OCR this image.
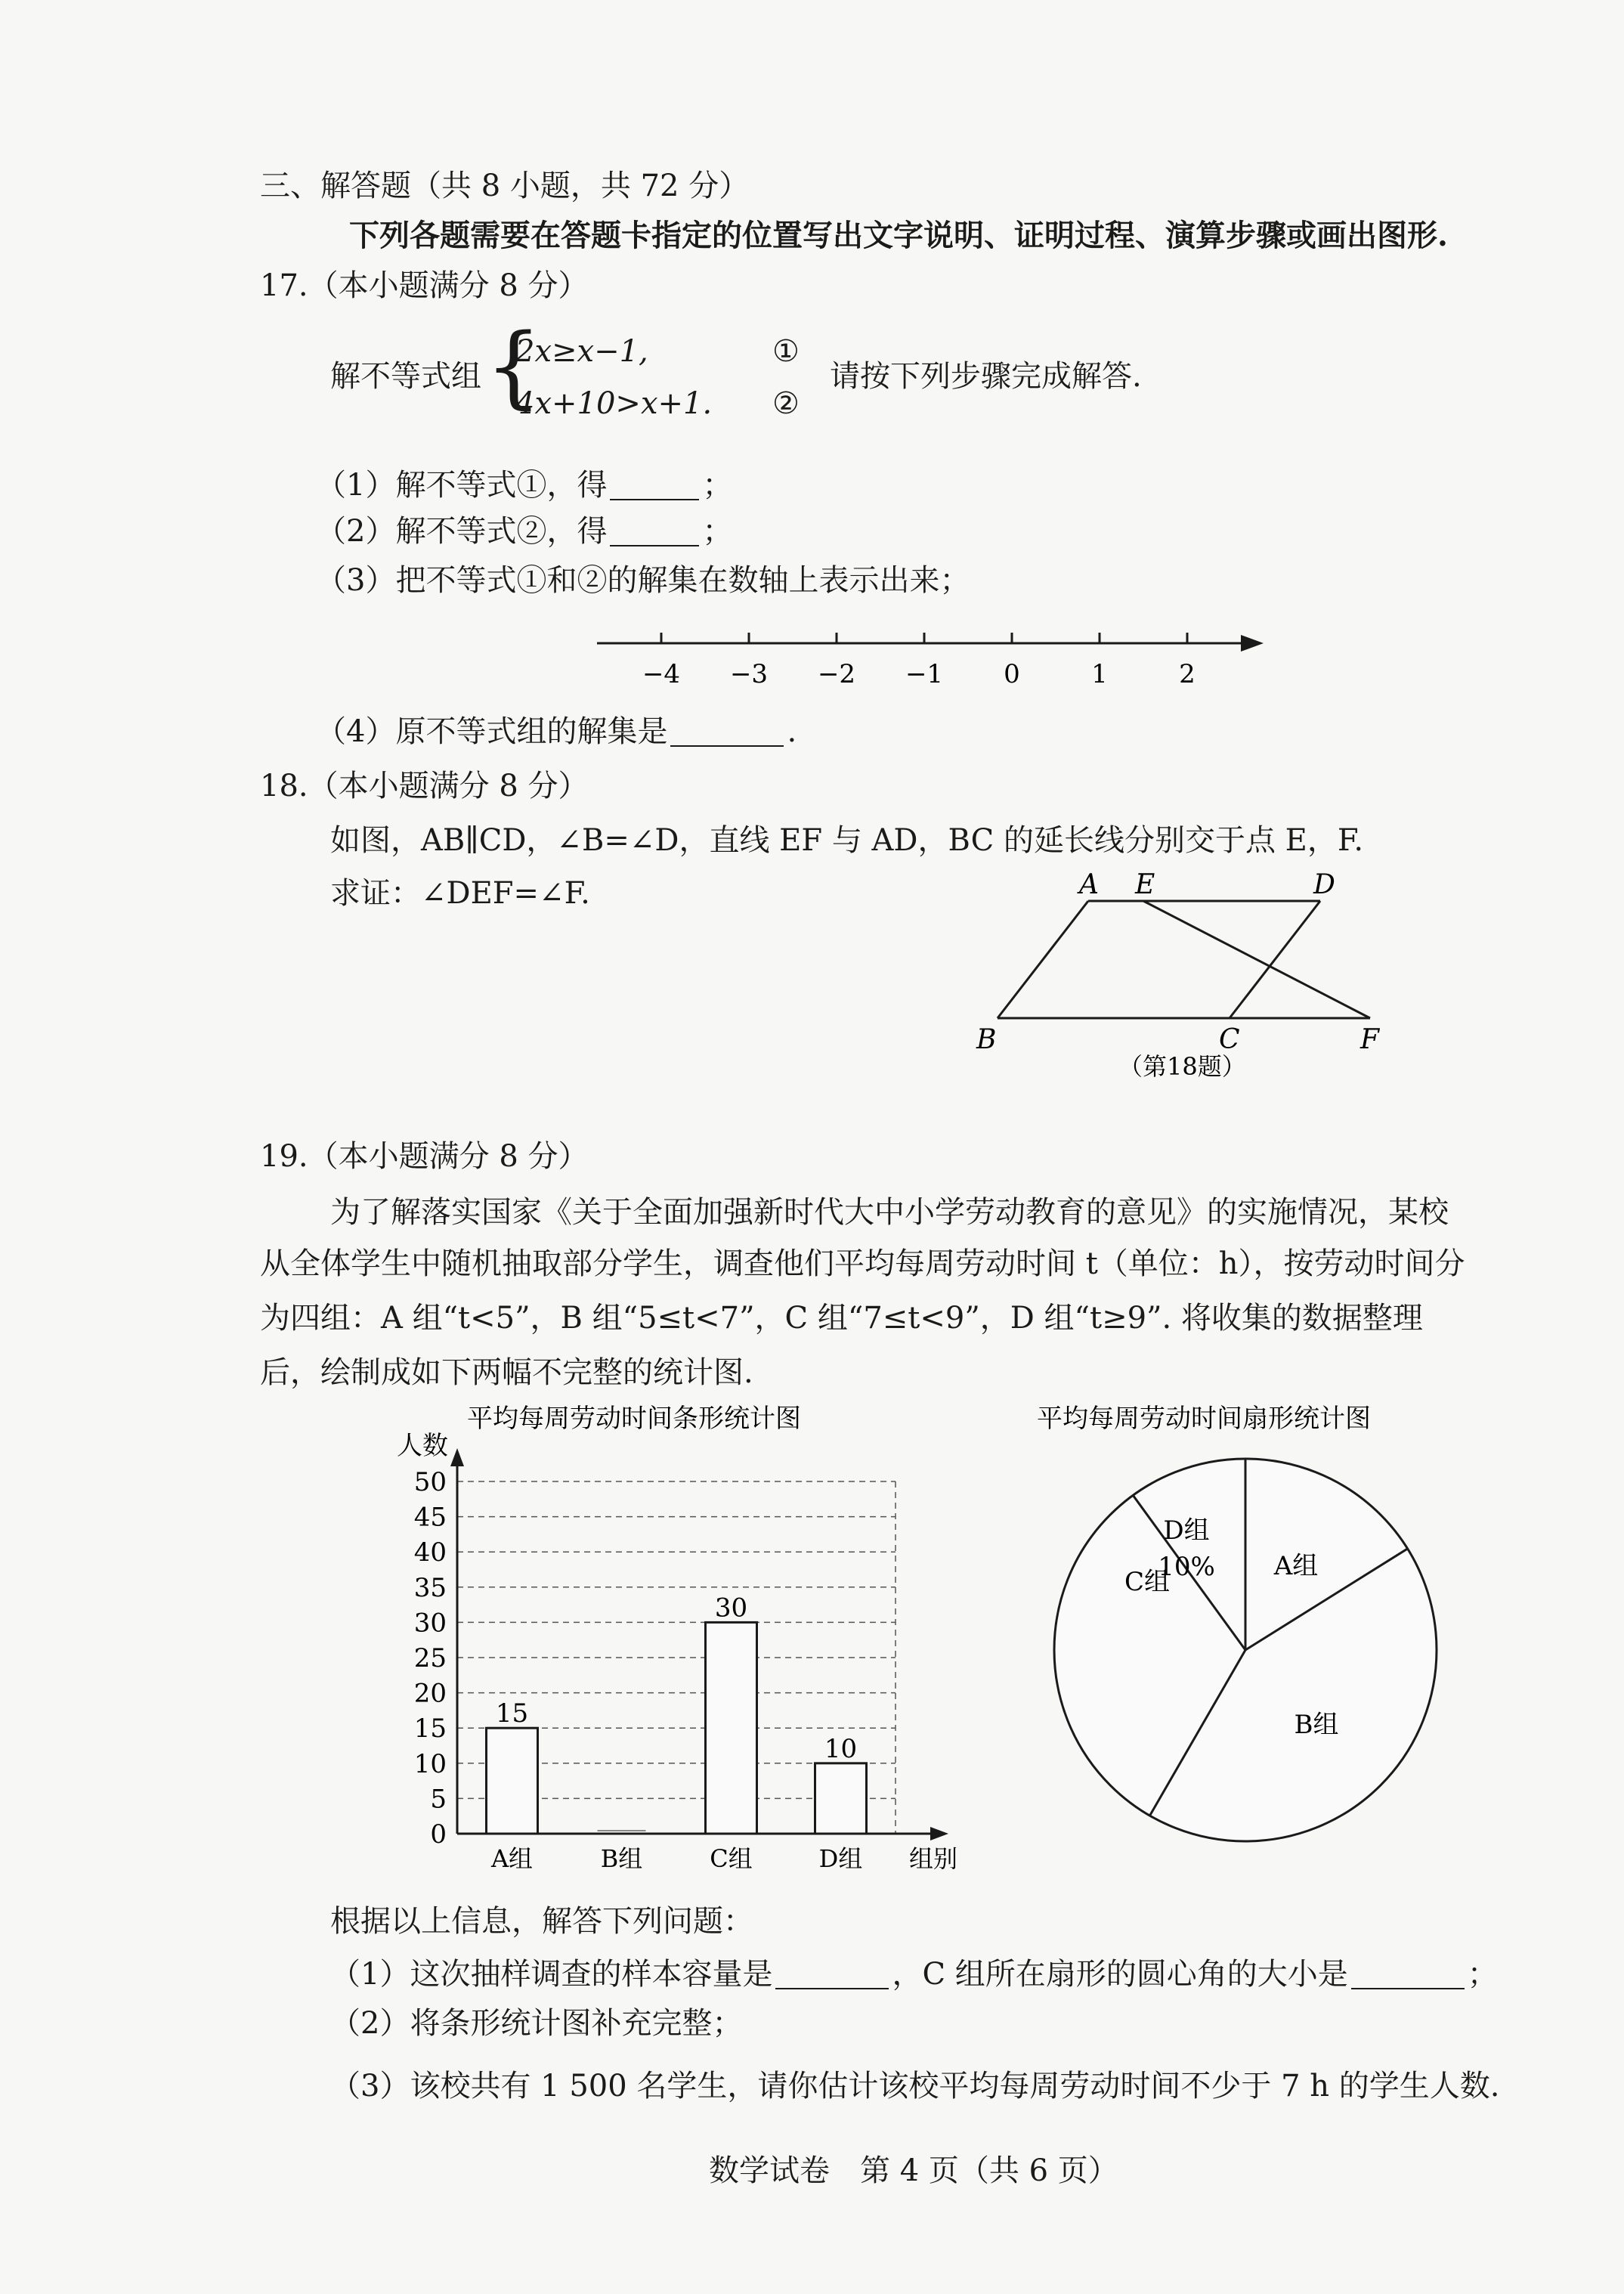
三、解答题（共 8 小题，共 72 分）
下列各题需要在答题卡指定的位置写出文字说明、证明过程、演算步骤或画出图形.
17.（本小题满分 8 分）
解不等式组 {
2x≥x−1,
4x+10>x+1.
①
②
请按下列步骤完成解答.
（1）解不等式①，得	；
（2）解不等式②，得	；
（3）把不等式①和②的解集在数轴上表示出来；
−4 −3 −2 −1 0	1	2
（4）原不等式组的解集是	.
18.（本小题满分 8 分）
如图，AB∥CD，∠B=∠D，直线 EF 与 AD，BC 的延长线分别交于点 E，F.
求证：∠DEF=∠F.	A E	D
B	C	F
（第18题）
19.（本小题满分 8 分）
为了解落实国家《关于全面加强新时代大中小学劳动教育的意见》的实施情况，某校
从全体学生中随机抽取部分学生，调查他们平均每周劳动时间 t（单位：h），按劳动时间分
为四组：A 组“t<5”，B 组“5≤t<7”，C 组“7≤t<9”，D 组“t≥9”. 将收集的数据整理
后，绘制成如下两幅不完整的统计图.
平均每周劳动时间条形统计图
0
5
10
15
20
25
30
35
40
45
50
15
A组	B组
30
C组
10
D组
人数
组别
平均每周劳动时间扇形统计图
A组
B组
C组
D组
10%
根据以上信息，解答下列问题：
（1）这次抽样调查的样本容量是	，C 组所在扇形的圆心角的大小是	；
（2）将条形统计图补充完整；
（3）该校共有 1 500 名学生，请你估计该校平均每周劳动时间不少于 7 h 的学生人数.
数学试卷　第 4 页（共 6 页）
